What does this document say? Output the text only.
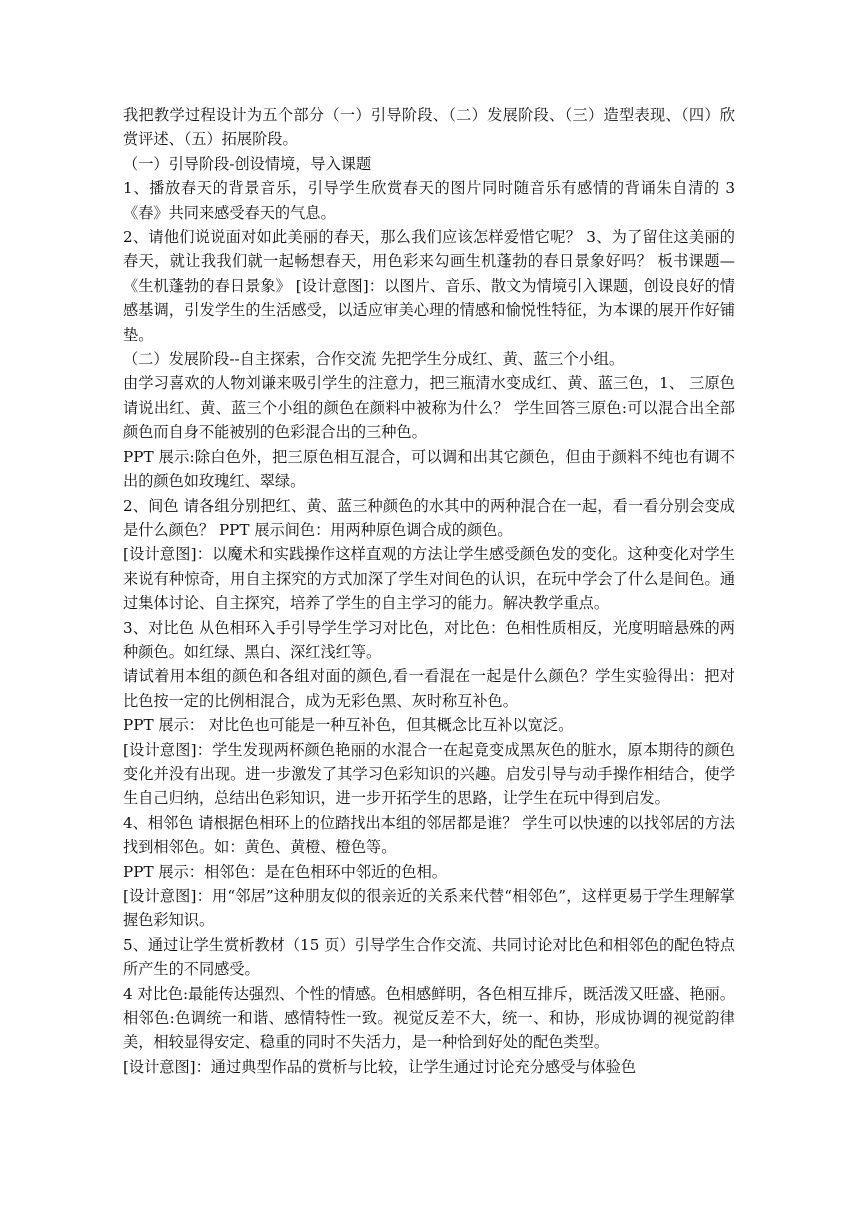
我把教学过程设计为五个部分（一）引导阶段、（二）发展阶段、（三）造型表现、（四）欣赏评述、（五）拓展阶段。

（一）引导阶段-创设情境，导入课题

1、播放春天的背景音乐，引导学生欣赏春天的图片同时随音乐有感情的背诵朱自清的 3 《春》共同来感受春天的气息。

2、请他们说说面对如此美丽的春天，那么我们应该怎样爱惜它呢？ 3、为了留住这美丽的春天，就让我我们就一起畅想春天，用色彩来勾画生机蓬勃的春日景象好吗？ 板书课题—《生机蓬勃的春日景象》 [设计意图]：以图片、音乐、散文为情境引入课题，创设良好的情感基调，引发学生的生活感受，以适应审美心理的情感和愉悦性特征，为本课的展开作好铺垫。

（二）发展阶段--自主探索，合作交流 先把学生分成红、黄、蓝三个小组。

由学习喜欢的人物刘谦来吸引学生的注意力，把三瓶清水变成红、黄、蓝三色，1、 三原色 请说出红、黄、蓝三个小组的颜色在颜料中被称为什么？ 学生回答三原色:可以混合出全部颜色而自身不能被别的色彩混合出的三种色。

PPT 展示:除白色外，把三原色相互混合，可以调和出其它颜色，但由于颜料不纯也有调不出的颜色如玫瑰红、翠绿。

2、间色 请各组分别把红、黄、蓝三种颜色的水其中的两种混合在一起，看一看分别会变成是什么颜色？ PPT 展示间色：用两种原色调合成的颜色。

[设计意图]：以魔术和实践操作这样直观的方法让学生感受颜色发的变化。这种变化对学生来说有种惊奇，用自主探究的方式加深了学生对间色的认识，在玩中学会了什么是间色。通过集体讨论、自主探究，培养了学生的自主学习的能力。解决教学重点。

3、对比色 从色相环入手引导学生学习对比色，对比色：色相性质相反，光度明暗悬殊的两种颜色。如红绿、黑白、深红浅红等。

请试着用本组的颜色和各组对面的颜色,看一看混在一起是什么颜色？学生实验得出：把对比色按一定的比例相混合，成为无彩色黑、灰时称互补色。

PPT 展示： 对比色也可能是一种互补色，但其概念比互补以宽泛。

[设计意图]：学生发现两杯颜色艳丽的水混合一在起竟变成黑灰色的脏水，原本期待的颜色变化并没有出现。进一步激发了其学习色彩知识的兴趣。启发引导与动手操作相结合，使学生自己归纳，总结出色彩知识，进一步开拓学生的思路，让学生在玩中得到启发。

4、相邻色 请根据色相环上的位踏找出本组的邻居都是谁？ 学生可以快速的以找邻居的方法找到相邻色。如：黄色、黄橙、橙色等。

PPT 展示：相邻色：是在色相环中邻近的色相。

[设计意图]：用“邻居”这种朋友似的很亲近的关系来代替“相邻色”，这样更易于学生理解掌握色彩知识。

5、通过让学生赏析教材（15 页）引导学生合作交流、共同讨论对比色和相邻色的配色特点所产生的不同感受。

4 对比色:最能传达强烈、个性的情感。色相感鲜明，各色相互排斥，既活泼又旺盛、艳丽。

相邻色:色调统一和谐、感情特性一致。视觉反差不大，统一、和协，形成协调的视觉韵律美，相较显得安定、稳重的同时不失活力，是一种恰到好处的配色类型。

[设计意图]：通过典型作品的赏析与比较，让学生通过讨论充分感受与体验色
